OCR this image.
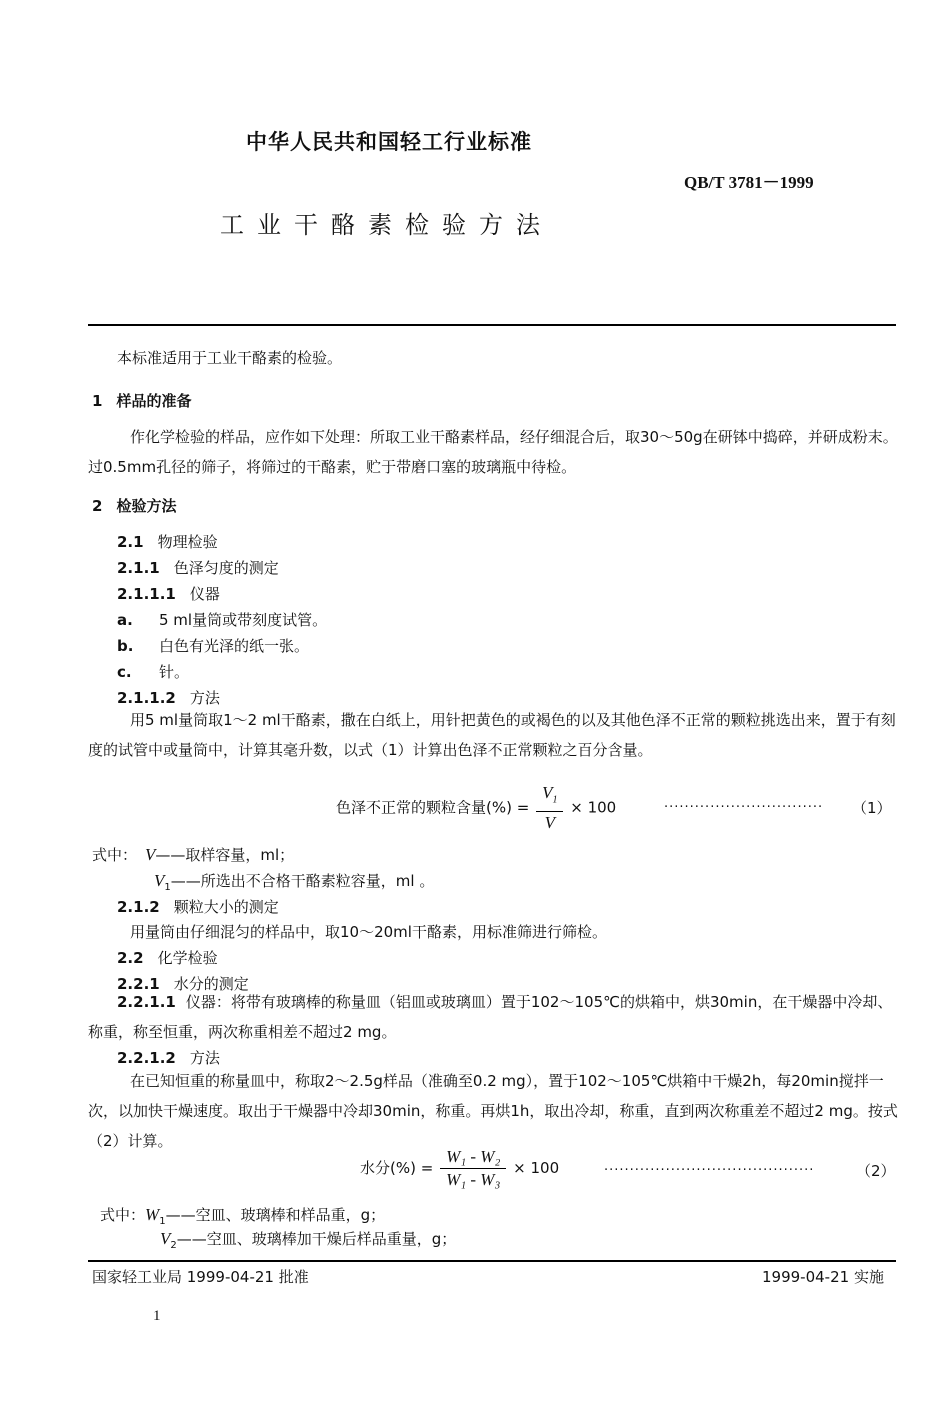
中华人民共和国轻工行业标准
QB/T 3781－1999
工业干酪素检验方法
本标准适用于工业干酪素的检验。
1 样品的准备
作化学检验的样品，应作如下处理：所取工业干酪素样品，经仔细混合后，取30～50g在研钵中捣碎，并研成粉末。过0.5mm孔径的筛子，将筛过的干酪素，贮于带磨口塞的玻璃瓶中待检。
2 检验方法
2.1 物理检验
2.1.1 色泽匀度的测定
2.1.1.1 仪器
a. 5 ml量筒或带刻度试管。
b. 白色有光泽的纸一张。
c. 针。
2.1.1.2 方法
用5 ml量筒取1～2 ml干酪素，撒在白纸上，用针把黄色的或褐色的以及其他色泽不正常的颗粒挑选出来，置于有刻度的试管中或量筒中，计算其毫升数，以式（1）计算出色泽不正常颗粒之百分含量。
色泽不正常的颗粒含量(%) = $\frac{V_1}{V} \times 100$	······························· （1）
式中： V——取样容量，ml；
$V_1——$所选出不合格干酪素粒容量，ml 。
2.1.2 颗粒大小的测定
用量筒由仔细混匀的样品中，取10～20ml干酪素，用标准筛进行筛检。
2.2 化学检验
2.2.1 水分的测定
2.2.1.1 仪器：将带有玻璃棒的称量皿（铝皿或玻璃皿）置于102～105℃的烘箱中，烘30min，在干燥器中冷却、称重，称至恒重，两次称重相差不超过2 mg。
2.2.1.2 方法
在已知恒重的称量皿中，称取2～2.5g样品（准确至0.2 mg），置于102～105℃烘箱中干燥2h，每20min搅拌一次，以加快干燥速度。取出于干燥器中冷却30min，称重。再烘1h，取出冷却，称重，直到两次称重差不超过2 mg。按式（2）计算。
水分(%) = $\frac{\text{W₁ - W₂}}{\text{W₁ - W₃}} \times 100$	·········································	（2）
式中：$W_1——$空皿、玻璃棒和样品重，g；
$V_2——$空皿、玻璃棒加干燥后样品重量，g；
国家轻工业局 1999-04-21 批准	1999-04-21 实施
1
